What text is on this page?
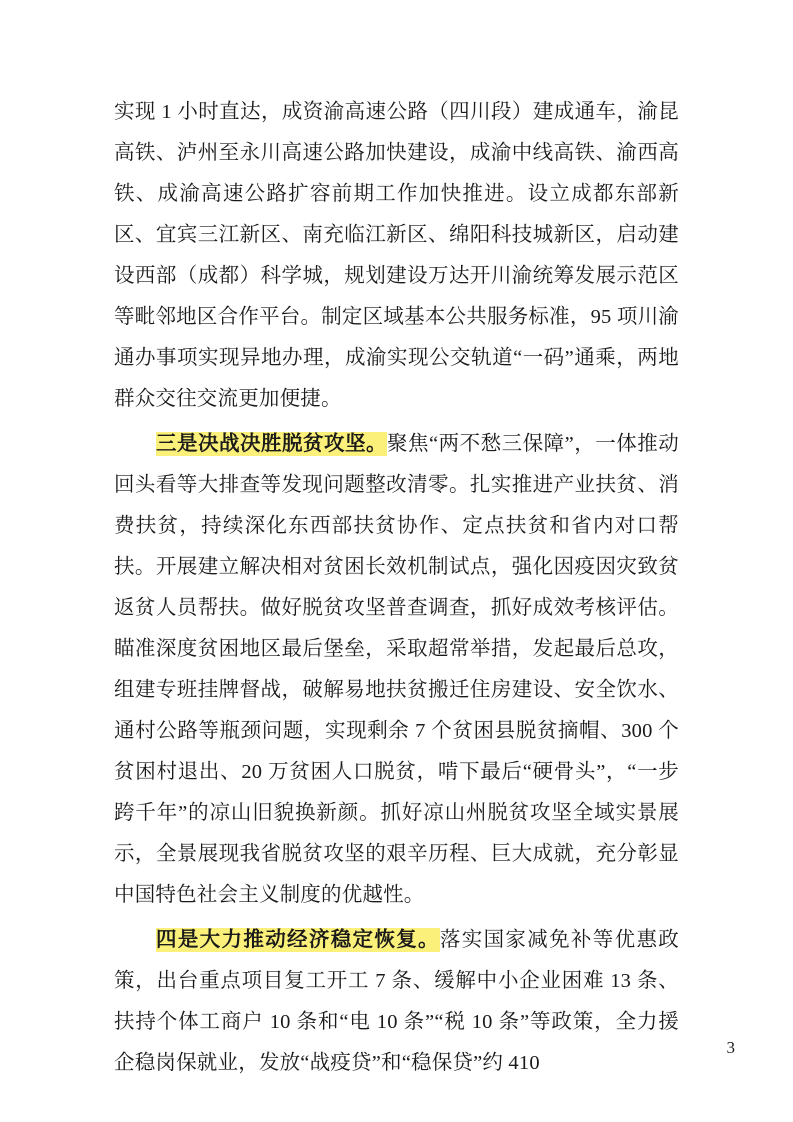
实现 1 小时直达，成资渝高速公路（四川段）建成通车，渝昆高铁、泸州至永川高速公路加快建设，成渝中线高铁、渝西高铁、成渝高速公路扩容前期工作加快推进。设立成都东部新区、宜宾三江新区、南充临江新区、绵阳科技城新区，启动建设西部（成都）科学城，规划建设万达开川渝统筹发展示范区等毗邻地区合作平台。制定区域基本公共服务标准，95 项川渝通办事项实现异地办理，成渝实现公交轨道“一码”通乘，两地群众交往交流更加便捷。

三是决战决胜脱贫攻坚。聚焦“两不愁三保障”，一体推动回头看等大排查等发现问题整改清零。扎实推进产业扶贫、消费扶贫，持续深化东西部扶贫协作、定点扶贫和省内对口帮扶。开展建立解决相对贫困长效机制试点，强化因疫因灾致贫返贫人员帮扶。做好脱贫攻坚普查调查，抓好成效考核评估。瞄准深度贫困地区最后堡垒，采取超常举措，发起最后总攻，组建专班挂牌督战，破解易地扶贫搬迁住房建设、安全饮水、通村公路等瓶颈问题，实现剩余 7 个贫困县脱贫摘帽、300 个贫困村退出、20 万贫困人口脱贫，啃下最后“硬骨头”，“一步跨千年”的凉山旧貌换新颜。抓好凉山州脱贫攻坚全域实景展示，全景展现我省脱贫攻坚的艰辛历程、巨大成就，充分彰显中国特色社会主义制度的优越性。

四是大力推动经济稳定恢复。落实国家减免补等优惠政策，出台重点项目复工开工 7 条、缓解中小企业困难 13 条、扶持个体工商户 10 条和“电 10 条”“税 10 条”等政策，全力援企稳岗保就业，发放“战疫贷”和“稳保贷”约 410

3
